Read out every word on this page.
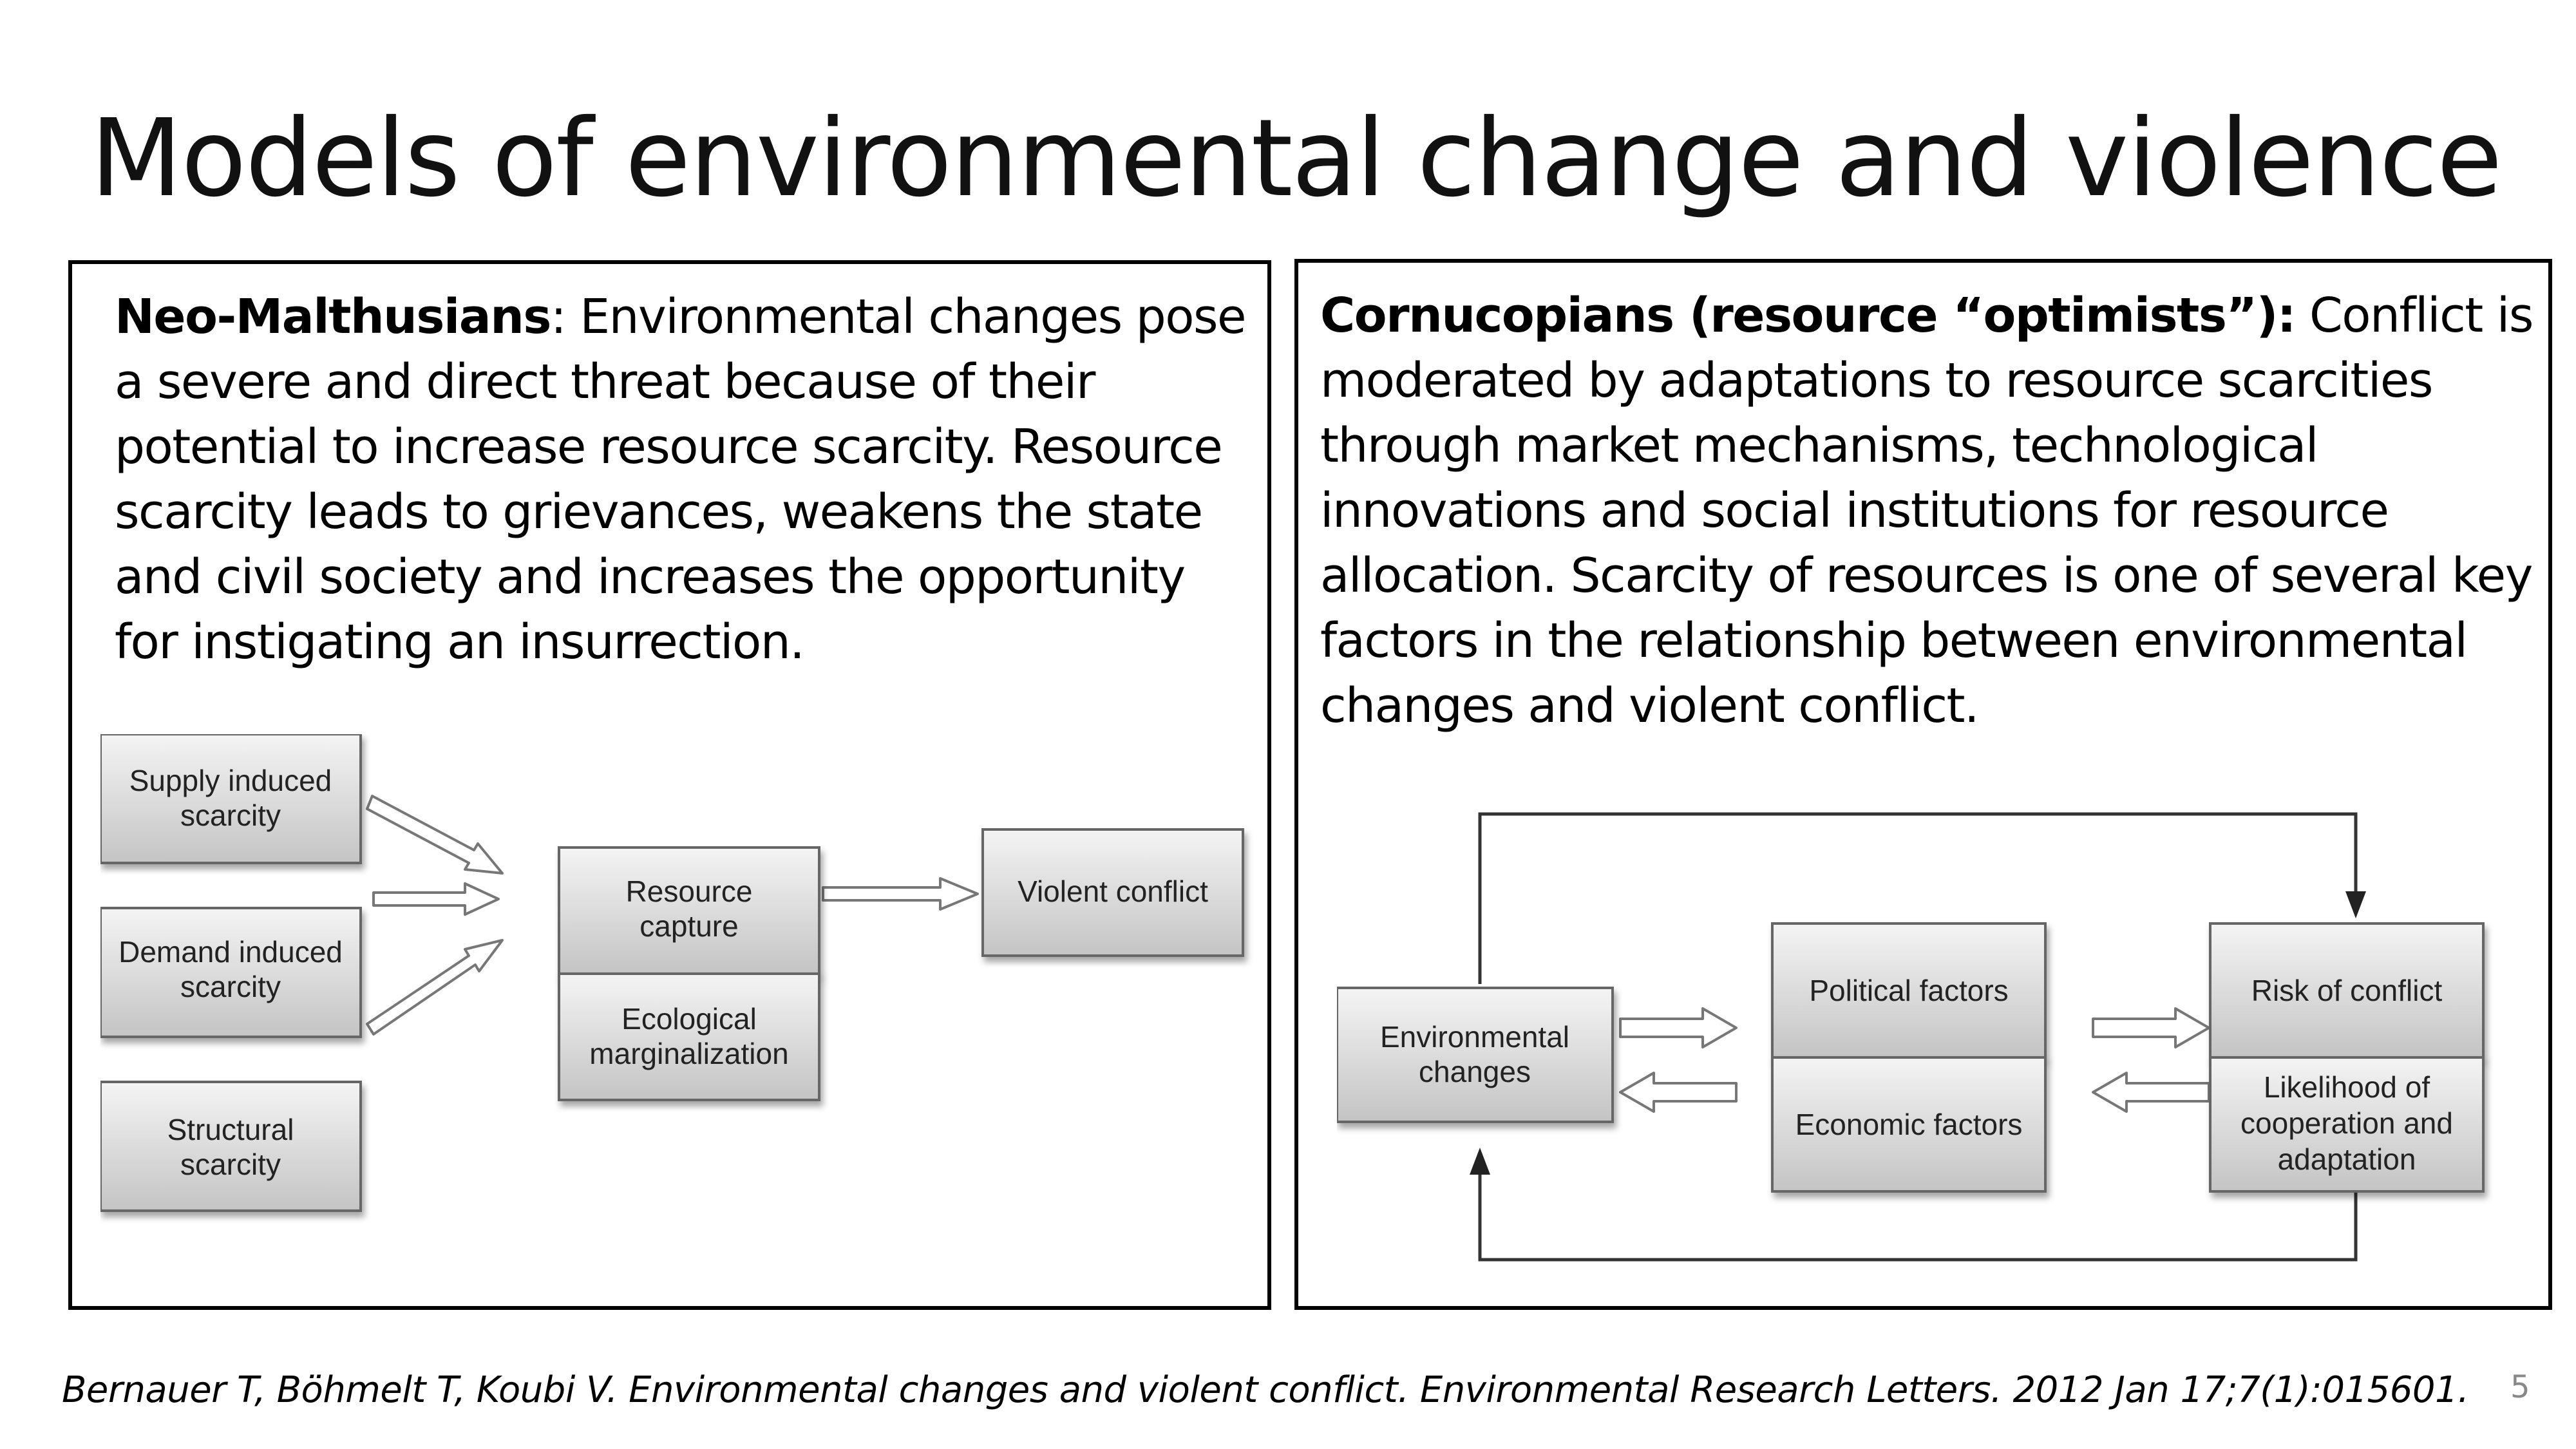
Models of environmental change and violence
Neo-Malthusians: Environmental changes pose a severe and direct threat because of their potential to increase resource scarcity. Resource scarcity leads to grievances, weakens the state and civil society and increases the opportunity for instigating an insurrection.
Supply induced
scarcity
Demand induced
scarcity
Structural
scarcity
Resource
capture
Ecological
marginalization
Violent conflict
Cornucopians (resource “optimists”): Conflict is moderated by adaptations to resource scarcities through market mechanisms, technological innovations and social institutions for resource allocation. Scarcity of resources is one of several key factors in the relationship between environmental changes and violent conflict.
Environmental
changes
Political factors
Economic factors
Risk of conflict
Likelihood of
cooperation and
adaptation
Bernauer T, Böhmelt T, Koubi V. Environmental changes and violent conflict. Environmental Research Letters. 2012 Jan 17;7(1):015601. 5
